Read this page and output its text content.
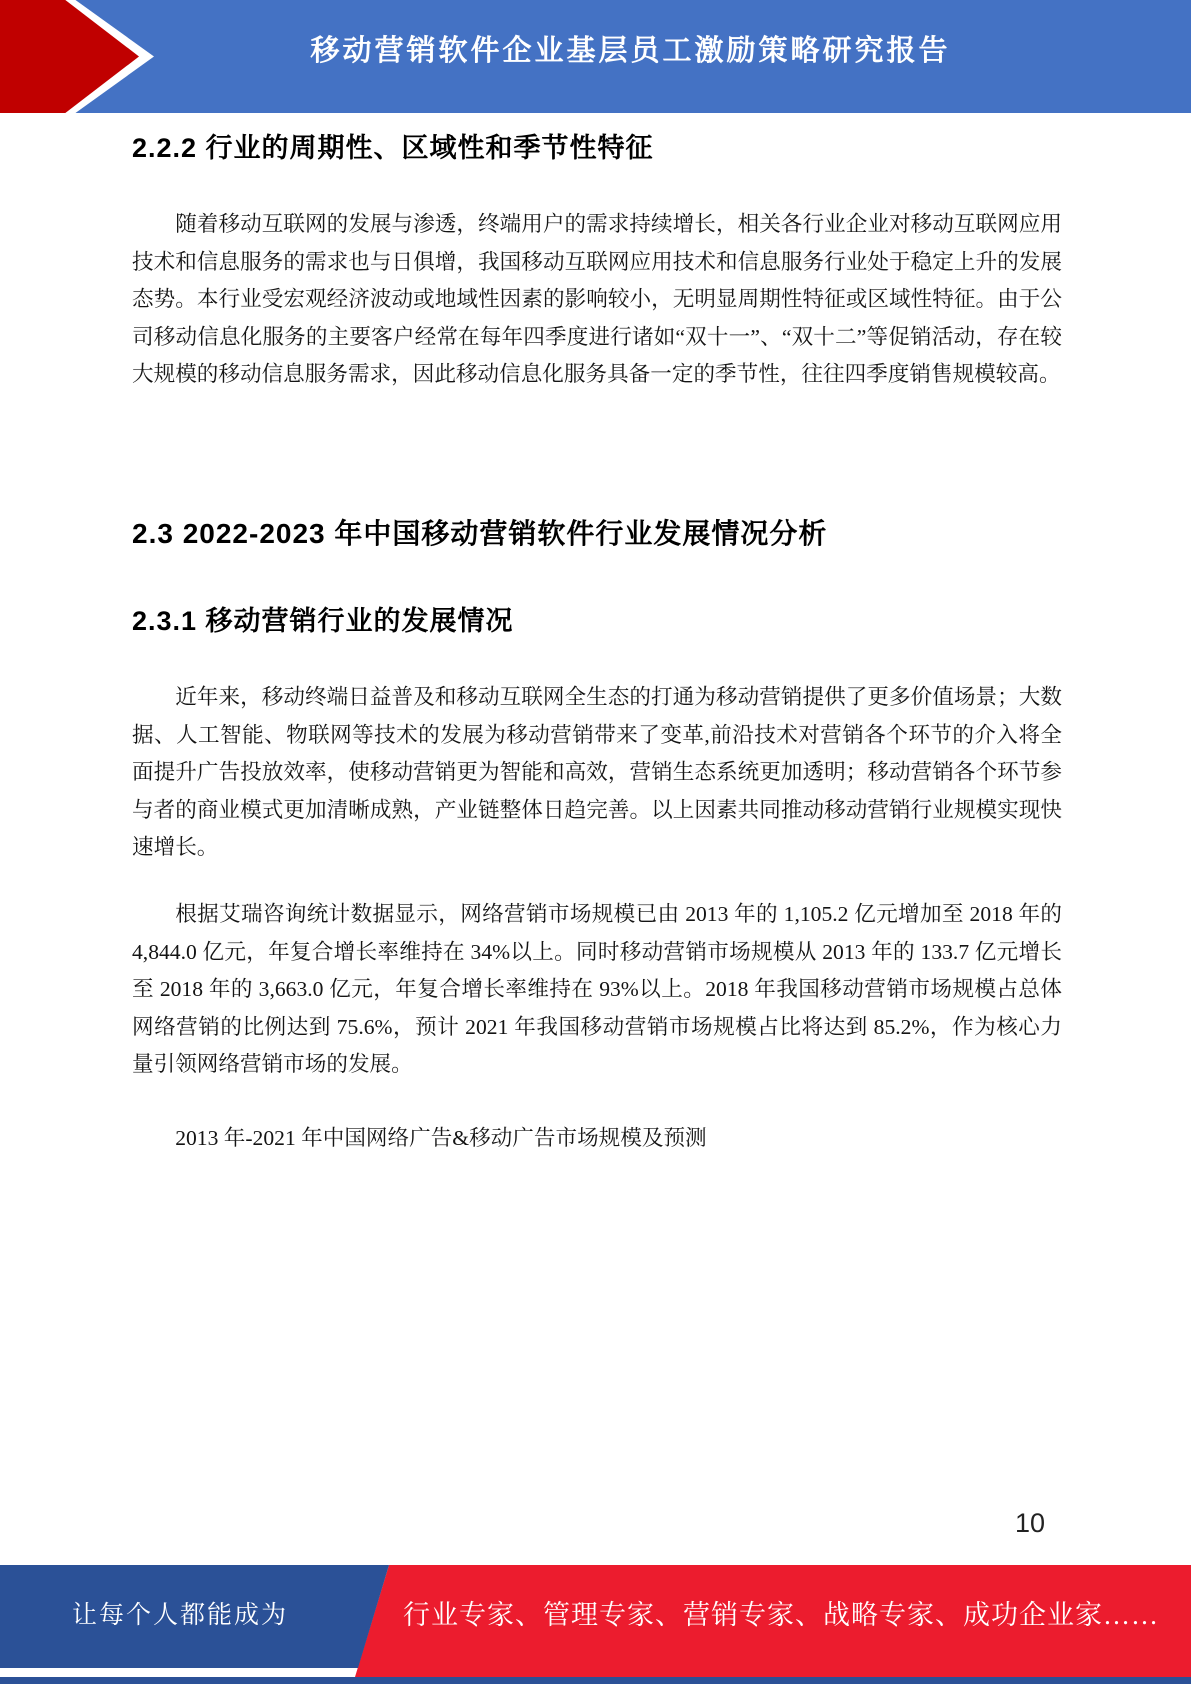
移动营销软件企业基层员工激励策略研究报告
2.2.2 行业的周期性、区域性和季节性特征
随着移动互联网的发展与渗透，终端用户的需求持续增长，相关各行业企业对移动互联网应用技术和信息服务的需求也与日俱增，我国移动互联网应用技术和信息服务行业处于稳定上升的发展态势。本行业受宏观经济波动或地域性因素的影响较小，无明显周期性特征或区域性特征。由于公司移动信息化服务的主要客户经常在每年四季度进行诸如“双十一”、“双十二”等促销活动，存在较大规模的移动信息服务需求，因此移动信息化服务具备一定的季节性，往往四季度销售规模较高。
2.3 2022-2023 年中国移动营销软件行业发展情况分析
2.3.1 移动营销行业的发展情况
近年来，移动终端日益普及和移动互联网全生态的打通为移动营销提供了更多价值场景；大数据、人工智能、物联网等技术的发展为移动营销带来了变革,前沿技术对营销各个环节的介入将全面提升广告投放效率，使移动营销更为智能和高效，营销生态系统更加透明；移动营销各个环节参与者的商业模式更加清晰成熟，产业链整体日趋完善。以上因素共同推动移动营销行业规模实现快速增长。
根据艾瑞咨询统计数据显示，网络营销市场规模已由 2013 年的 1,105.2 亿元增加至 2018 年的 4,844.0 亿元，年复合增长率维持在 34%以上。同时移动营销市场规模从 2013 年的 133.7 亿元增长至 2018 年的 3,663.0 亿元，年复合增长率维持在 93%以上。2018 年我国移动营销市场规模占总体网络营销的比例达到 75.6%，预计 2021 年我国移动营销市场规模占比将达到 85.2%，作为核心力量引领网络营销市场的发展。
2013 年-2021 年中国网络广告&移动广告市场规模及预测
10
让每个人都能成为	行业专家、管理专家、营销专家、战略专家、成功企业家……
